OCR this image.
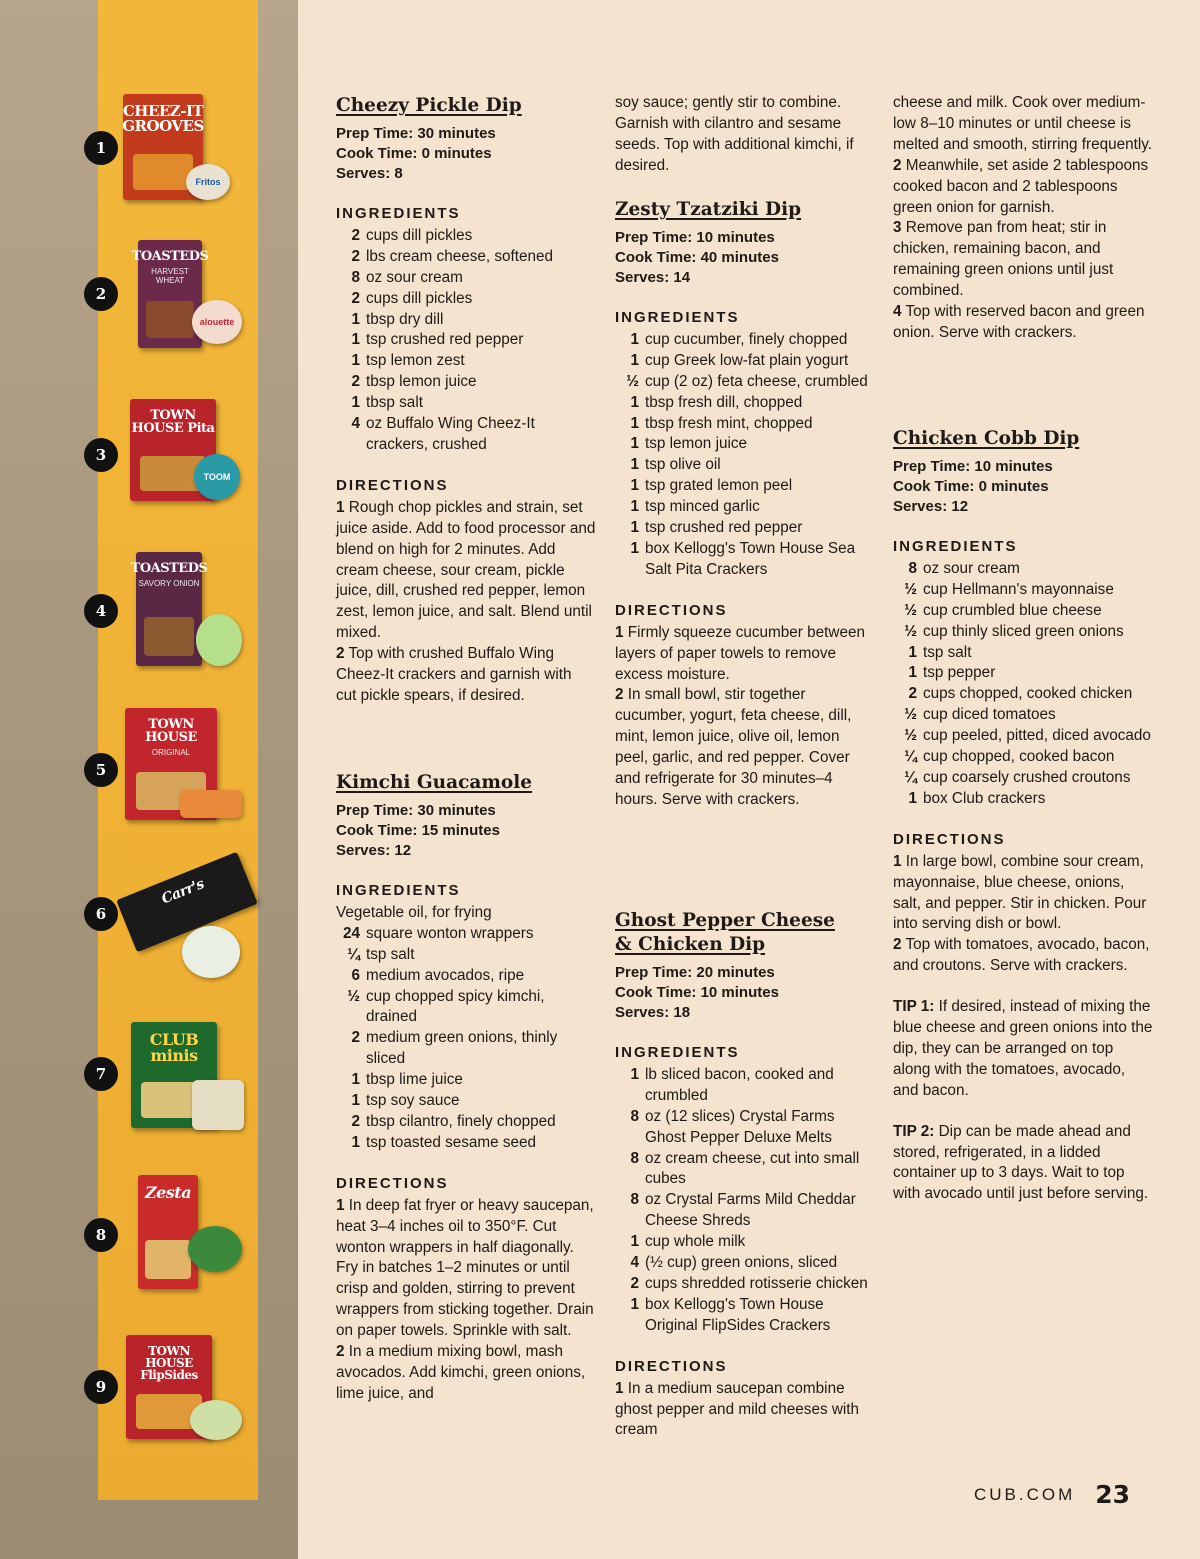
1
CHEEZ-IT GROOVES
Fritos
2
TOASTEDS
HARVEST WHEAT
alouette
3
TOWN HOUSE Pita
TOOM
4
TOASTEDS
SAVORY ONION
5
TOWN HOUSE
ORIGINAL
6
Carr's
7
CLUB minis
8
Zesta
9
TOWN HOUSE FlipSides
Cheezy Pickle Dip
Prep Time: 30 minutes
Cook Time: 0 minutes
Serves: 8
INGREDIENTS
2 cups dill pickles
2 lbs cream cheese, softened
8 oz sour cream
2 cups dill pickles
1 tbsp dry dill
1 tsp crushed red pepper
1 tsp lemon zest
2 tbsp lemon juice
1 tbsp salt
4 oz Buffalo Wing Cheez-It crackers, crushed
DIRECTIONS
1 Rough chop pickles and strain, set juice aside. Add to food processor and blend on high for 2 minutes. Add cream cheese, sour cream, pickle juice, dill, crushed red pepper, lemon zest, lemon juice, and salt. Blend until mixed.
2 Top with crushed Buffalo Wing Cheez-It crackers and garnish with cut pickle spears, if desired.
Kimchi Guacamole
Prep Time: 30 minutes
Cook Time: 15 minutes
Serves: 12
INGREDIENTS
Vegetable oil, for frying
24 square wonton wrappers
¼ tsp salt
6 medium avocados, ripe
½ cup chopped spicy kimchi, drained
2 medium green onions, thinly sliced
1 tbsp lime juice
1 tsp soy sauce
2 tbsp cilantro, finely chopped
1 tsp toasted sesame seed
DIRECTIONS
1 In deep fat fryer or heavy saucepan, heat 3–4 inches oil to 350°F. Cut wonton wrappers in half diagonally. Fry in batches 1–2 minutes or until crisp and golden, stirring to prevent wrappers from sticking together. Drain on paper towels. Sprinkle with salt.
2 In a medium mixing bowl, mash avocados. Add kimchi, green onions, lime juice, and
soy sauce; gently stir to combine. Garnish with cilantro and sesame seeds. Top with additional kimchi, if desired.
Zesty Tzatziki Dip
Prep Time: 10 minutes
Cook Time: 40 minutes
Serves: 14
INGREDIENTS
1 cup cucumber, finely chopped
1 cup Greek low-fat plain yogurt
½ cup (2 oz) feta cheese, crumbled
1 tbsp fresh dill, chopped
1 tbsp fresh mint, chopped
1 tsp lemon juice
1 tsp olive oil
1 tsp grated lemon peel
1 tsp minced garlic
1 tsp crushed red pepper
1 box Kellogg's Town House Sea Salt Pita Crackers
DIRECTIONS
1 Firmly squeeze cucumber between layers of paper towels to remove excess moisture.
2 In small bowl, stir together cucumber, yogurt, feta cheese, dill, mint, lemon juice, olive oil, lemon peel, garlic, and red pepper. Cover and refrigerate for 30 minutes–4 hours. Serve with crackers.
Ghost Pepper Cheese & Chicken Dip
Prep Time: 20 minutes
Cook Time: 10 minutes
Serves: 18
INGREDIENTS
1 lb sliced bacon, cooked and crumbled
8 oz (12 slices) Crystal Farms Ghost Pepper Deluxe Melts
8 oz cream cheese, cut into small cubes
8 oz Crystal Farms Mild Cheddar Cheese Shreds
1 cup whole milk
4 (½ cup) green onions, sliced
2 cups shredded rotisserie chicken
1 box Kellogg's Town House Original FlipSides Crackers
DIRECTIONS
1 In a medium saucepan combine ghost pepper and mild cheeses with cream
cheese and milk. Cook over medium-low 8–10 minutes or until cheese is melted and smooth, stirring frequently.
2 Meanwhile, set aside 2 tablespoons cooked bacon and 2 tablespoons green onion for garnish.
3 Remove pan from heat; stir in chicken, remaining bacon, and remaining green onions until just combined.
4 Top with reserved bacon and green onion. Serve with crackers.
Chicken Cobb Dip
Prep Time: 10 minutes
Cook Time: 0 minutes
Serves: 12
INGREDIENTS
8 oz sour cream
½ cup Hellmann's mayonnaise
½ cup crumbled blue cheese
½ cup thinly sliced green onions
1 tsp salt
1 tsp pepper
2 cups chopped, cooked chicken
½ cup diced tomatoes
½ cup peeled, pitted, diced avocado
¼ cup chopped, cooked bacon
¼ cup coarsely crushed croutons
1 box Club crackers
DIRECTIONS
1 In large bowl, combine sour cream, mayonnaise, blue cheese, onions, salt, and pepper. Stir in chicken. Pour into serving dish or bowl.
2 Top with tomatoes, avocado, bacon, and croutons. Serve with crackers.
TIP 1: If desired, instead of mixing the blue cheese and green onions into the dip, they can be arranged on top along with the tomatoes, avocado, and bacon.
TIP 2: Dip can be made ahead and stored, refrigerated, in a lidded container up to 3 days. Wait to top with avocado until just before serving.
CUB.COM 23
